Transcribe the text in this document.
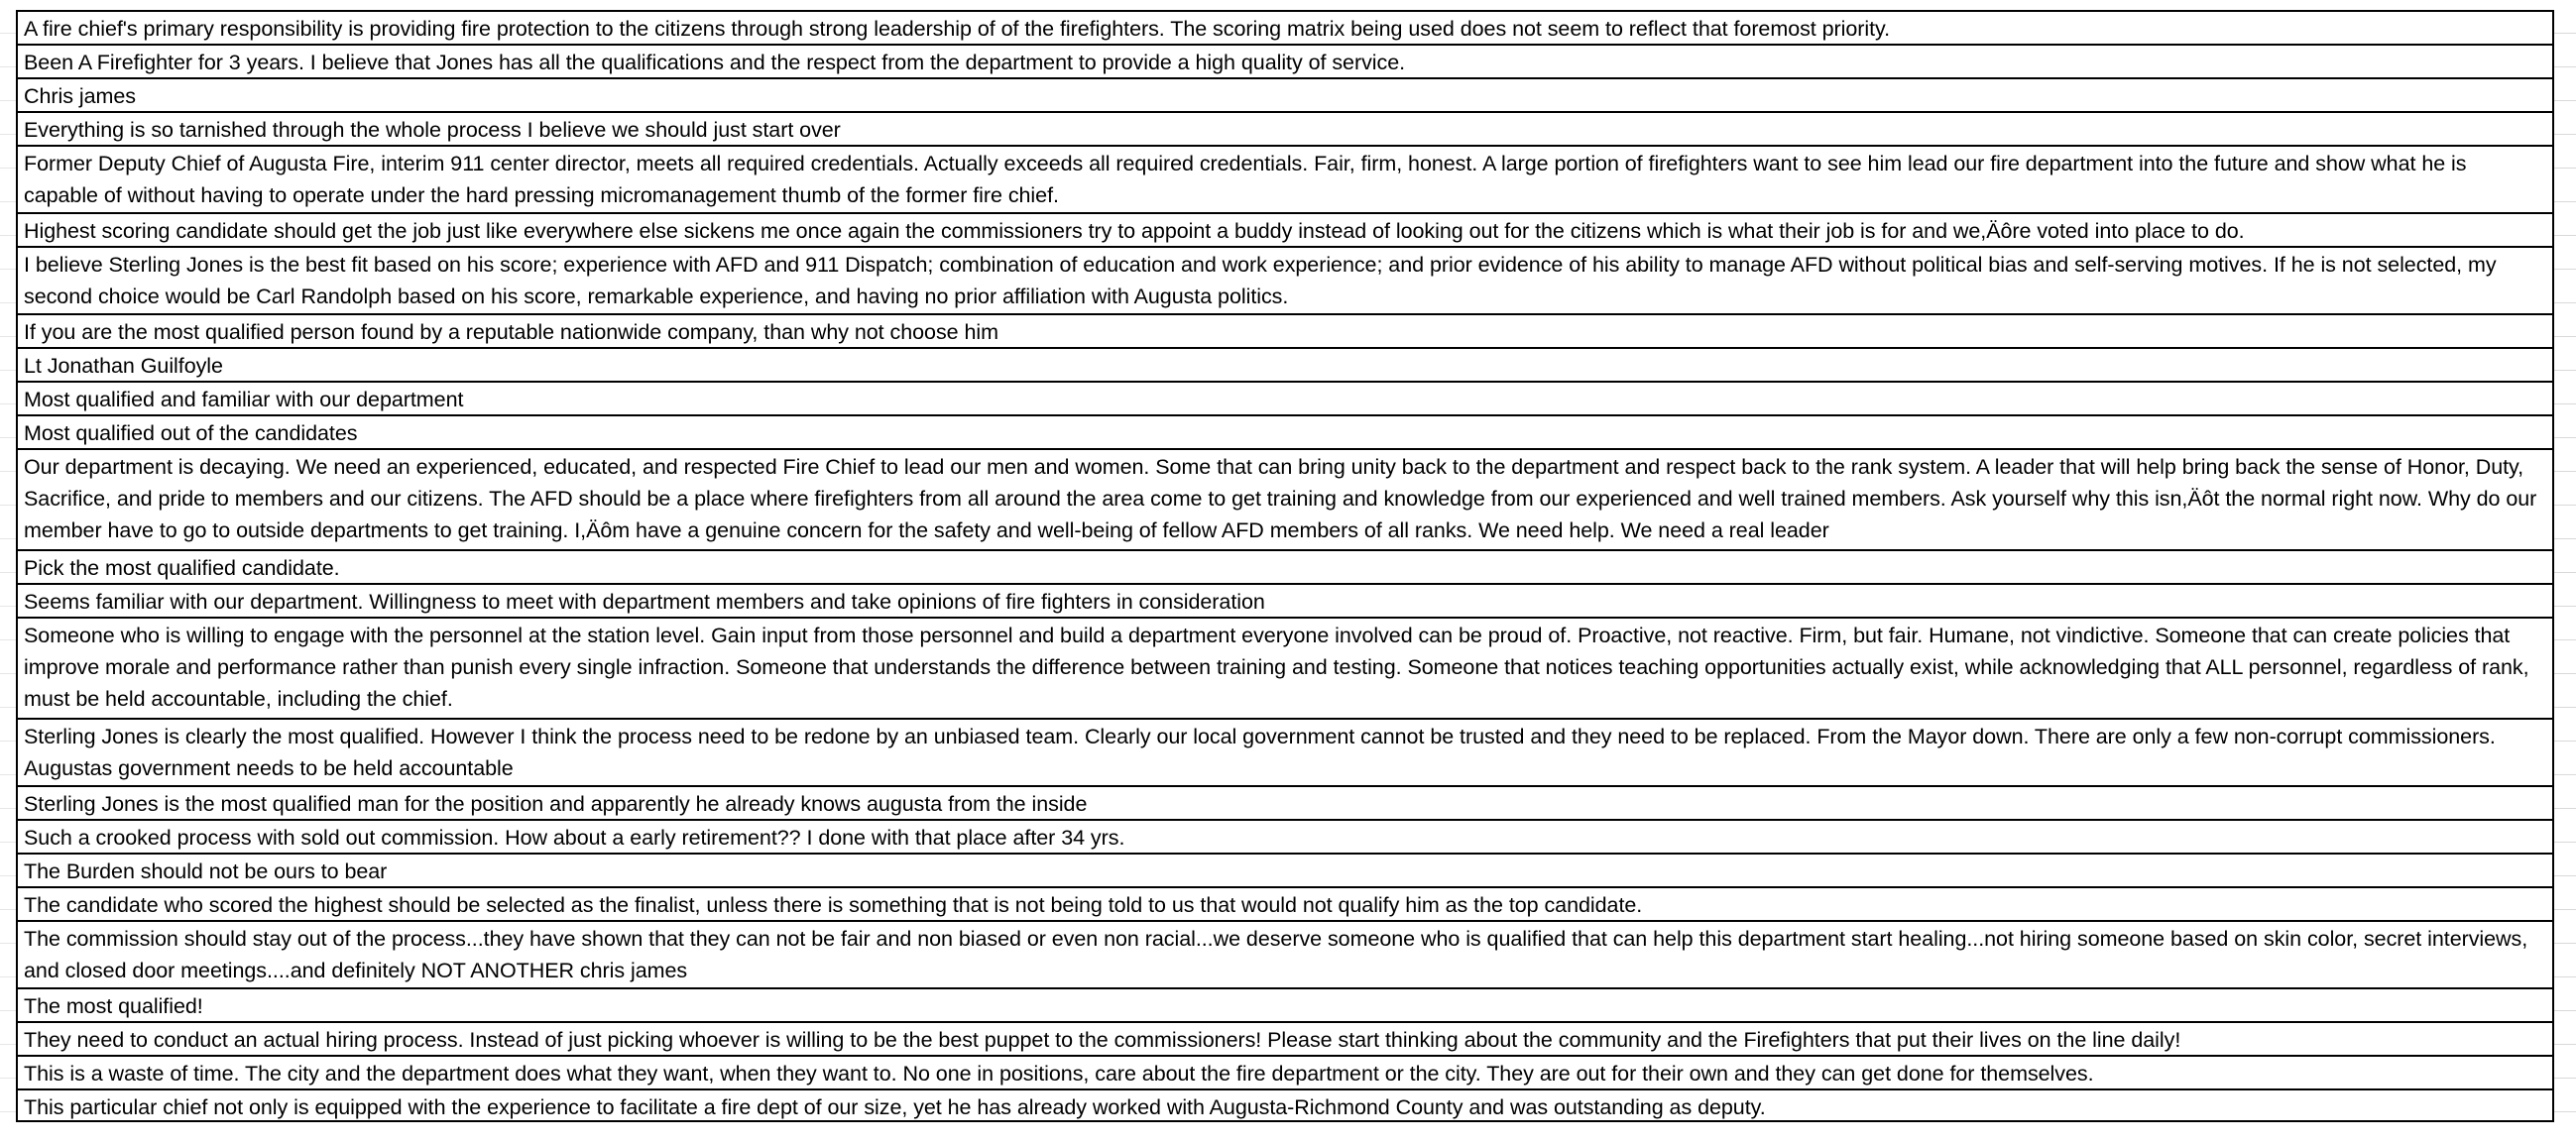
A fire chief's primary responsibility is providing fire protection to the citizens through strong leadership of of the firefighters. The scoring matrix being used does not seem to reflect that foremost priority.
Been A Firefighter for 3 years. I believe that Jones has all the qualifications and the respect from the department to provide a high quality of service.
Chris james
Everything is so tarnished through the whole process I believe we should just start over
Former Deputy Chief of Augusta Fire, interim 911 center director, meets all required credentials. Actually exceeds all required credentials. Fair, firm, honest. A large portion of firefighters want to see him lead our fire department into the future and show what he is capable of without having to operate under the hard pressing micromanagement thumb of the former fire chief.
Highest scoring candidate should get the job just like everywhere else sickens me once again the commissioners try to appoint a buddy instead of looking out for the citizens which is what their job is for and we,Äôre voted into place to do.
I believe Sterling Jones is the best fit based on his score; experience with AFD and 911 Dispatch; combination of education and work experience; and prior evidence of his ability to manage AFD without political bias and self-serving motives. If he is not selected, my second choice would be Carl Randolph based on his score, remarkable experience, and having no prior affiliation with Augusta politics.
If you are the most qualified person found by a reputable nationwide company, than why not choose him
Lt Jonathan Guilfoyle
Most qualified and familiar with our department
Most qualified out of the candidates
Our department is decaying. We need an experienced, educated, and respected Fire Chief to lead our men and women. Some that can bring unity back to the department and respect back to the rank system. A leader that will help bring back the sense of Honor, Duty, Sacrifice, and pride to members and our citizens. The AFD should be a place where firefighters from all around the area come to get training and knowledge from our experienced and well trained members. Ask yourself why this isn,Äôt the normal right now. Why do our member have to go to outside departments to get training. I,Äôm have a genuine concern for the safety and well-being of fellow AFD members of all ranks. We need help. We need a real leader
Pick the most qualified candidate.
Seems familiar with our department. Willingness to meet with department members and take opinions of fire fighters in consideration
Someone who is willing to engage with the personnel at the station level. Gain input from those personnel and build a department everyone involved can be proud of. Proactive, not reactive. Firm, but fair. Humane, not vindictive. Someone that can create policies that improve morale and performance rather than punish every single infraction. Someone that understands the difference between training and testing. Someone that notices teaching opportunities actually exist, while acknowledging that ALL personnel, regardless of rank, must be held accountable, including the chief.
Sterling Jones is clearly the most qualified. However I think the process need to be redone by an unbiased team. Clearly our local government cannot be trusted and they need to be replaced. From the Mayor down. There are only a few non-corrupt commissioners. Augustas government needs to be held accountable
Sterling Jones is the most qualified man for the position and apparently he already knows augusta from the inside
Such a crooked process with sold out commission. How about a early retirement?? I done with that place after 34 yrs.
The Burden should not be ours to bear
The candidate who scored the highest should be selected as the finalist, unless there is something that is not being told to us that would not qualify him as the top candidate.
The commission should stay out of the process...they have shown that they can not be fair and non biased or even non racial...we deserve someone who is qualified that can help this department start healing...not hiring someone based on skin color, secret interviews, and closed door meetings....and definitely NOT ANOTHER chris james
The most qualified!
They need to conduct an actual hiring process. Instead of just picking whoever is willing to be the best puppet to the commissioners! Please start thinking about the community and the Firefighters that put their lives on the line daily!
This is a waste of time. The city and the department does what they want, when they want to. No one in positions, care about the fire department or the city. They are out for their own and they can get done for themselves.
This particular chief not only is equipped with the experience to facilitate a fire dept of our size, yet he has already worked with Augusta-Richmond County and was outstanding as deputy.
